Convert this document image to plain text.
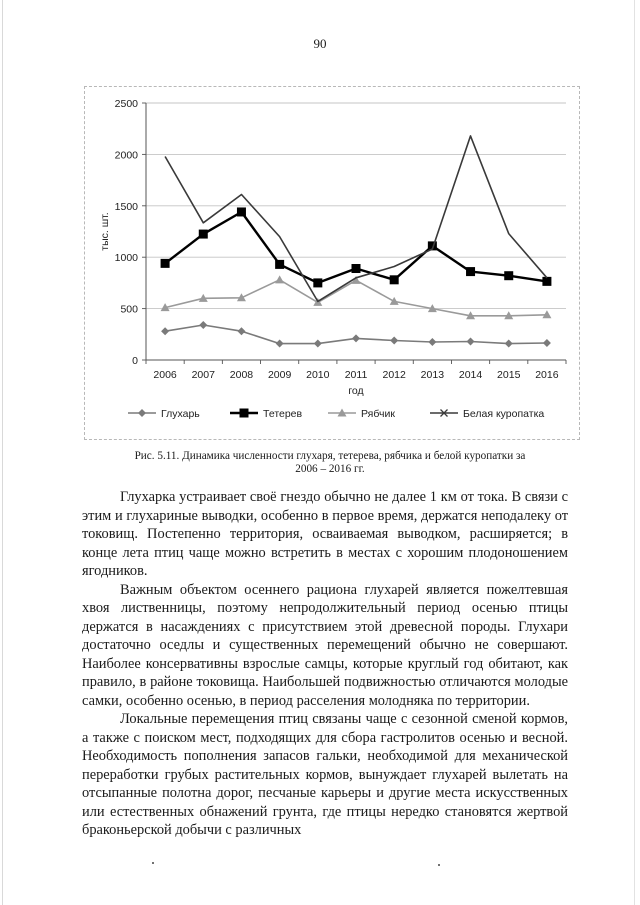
90
0
500
1000
1500
2000
2500
2006 2007 2008 2009 2010 2011 2012 2013 2014 2015 2016
год
тыс. шт.
Глухарь	Тетерев	Рябчик	Белая куропатка
Рис. 5.11. Динамика численности глухаря, тетерева, рябчика и белой куропатки за
2006 – 2016 гг.

Глухарка устраивает своё гнездо обычно не далее 1 км от тока. В связи с этим и глухариные выводки, особенно в первое время, держатся неподалеку от токовищ. Постепенно территория, осваиваемая выводком, расширяется; в конце лета птиц чаще можно встретить в местах с хорошим плодоношением ягодников.

Важным объектом осеннего рациона глухарей является пожелтевшая хвоя лиственницы, поэтому непродолжительный период осенью птицы держатся в насаждениях с присутствием этой древесной породы. Глухари достаточно оседлы и существенных перемещений обычно не совершают. Наиболее консервативны взрослые самцы, которые круглый год обитают, как правило, в районе токовища. Наибольшей подвижностью отличаются молодые самки, особенно осенью, в период расселения молодняка по территории.

Локальные перемещения птиц связаны чаще с сезонной сменой кормов, а также с поиском мест, подходящих для сбора гастролитов осенью и весной. Необходимость пополнения запасов гальки, необходимой для механической переработки грубых растительных кормов, вынуждает глухарей вылетать на отсыпанные полотна дорог, песчаные карьеры и другие места искусственных или естественных обнажений грунта, где птицы нередко становятся жертвой браконьерской добычи с различных
